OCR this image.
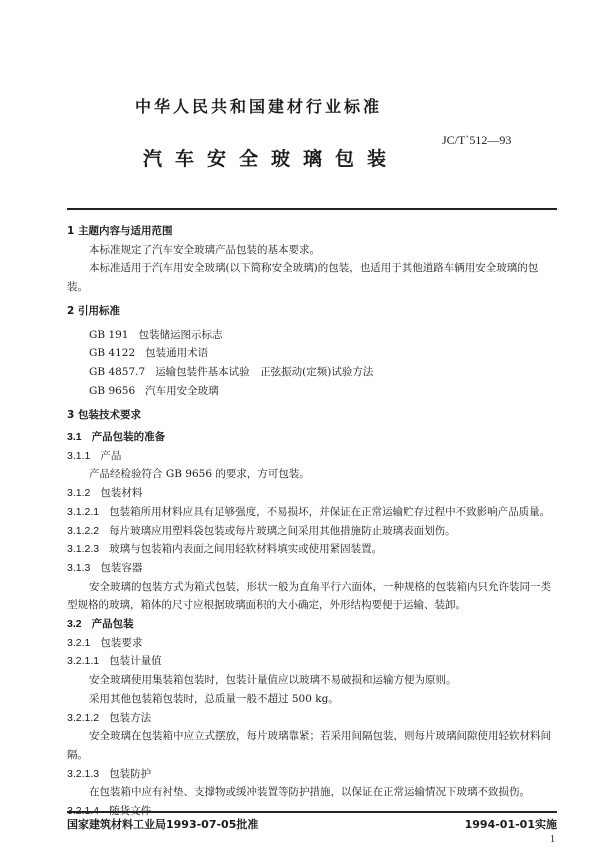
中华人民共和国建材行业标准
JC/T`512—93
汽车安全玻璃包装
1 主题内容与适用范围
本标准规定了汽车安全玻璃产品包装的基本要求。
本标准适用于汽车用安全玻璃(以下简称安全玻璃)的包装，也适用于其他道路车辆用安全玻璃的包装。
2 引用标准
GB 191 包装储运图示标志
GB 4122 包装通用术语
GB 4857.7 运输包装件基本试验　正弦振动(定频)试验方法
GB 9656 汽车用安全玻璃
3 包装技术要求
3.1 产品包装的准备
3.1.1 产品
产品经检验符合 GB 9656 的要求，方可包装。
3.1.2 包装材料
3.1.2.1 包装箱所用材料应具有足够强度，不易损坏，并保证在正常运输贮存过程中不致影响产品质量。
3.1.2.2 每片玻璃应用塑料袋包装或每片玻璃之间采用其他措施防止玻璃表面划伤。
3.1.2.3 玻璃与包装箱内表面之间用轻软材料填实或使用紧固装置。
3.1.3 包装容器
安全玻璃的包装方式为箱式包装，形状一般为直角平行六面体，一种规格的包装箱内只允许装同一类型规格的玻璃，箱体的尺寸应根据玻璃面积的大小确定，外形结构要便于运输、装卸。
3.2 产品包装
3.2.1 包装要求
3.2.1.1 包装计量值
安全玻璃使用集装箱包装时，包装计量值应以玻璃不易破损和运输方便为原则。
采用其他包装箱包装时，总质量一般不超过 500 kg。
3.2.1.2 包装方法
安全玻璃在包装箱中应立式摆放，每片玻璃靠紧；若采用间隔包装，则每片玻璃间隙使用轻软材料间隔。
3.2.1.3 包装防护
在包装箱中应有衬垫、支撑物或缓冲装置等防护措施，以保证在正常运输情况下玻璃不致损伤。
国家建筑材料工业局1993-07-05批准	1994-01-01实施
1
